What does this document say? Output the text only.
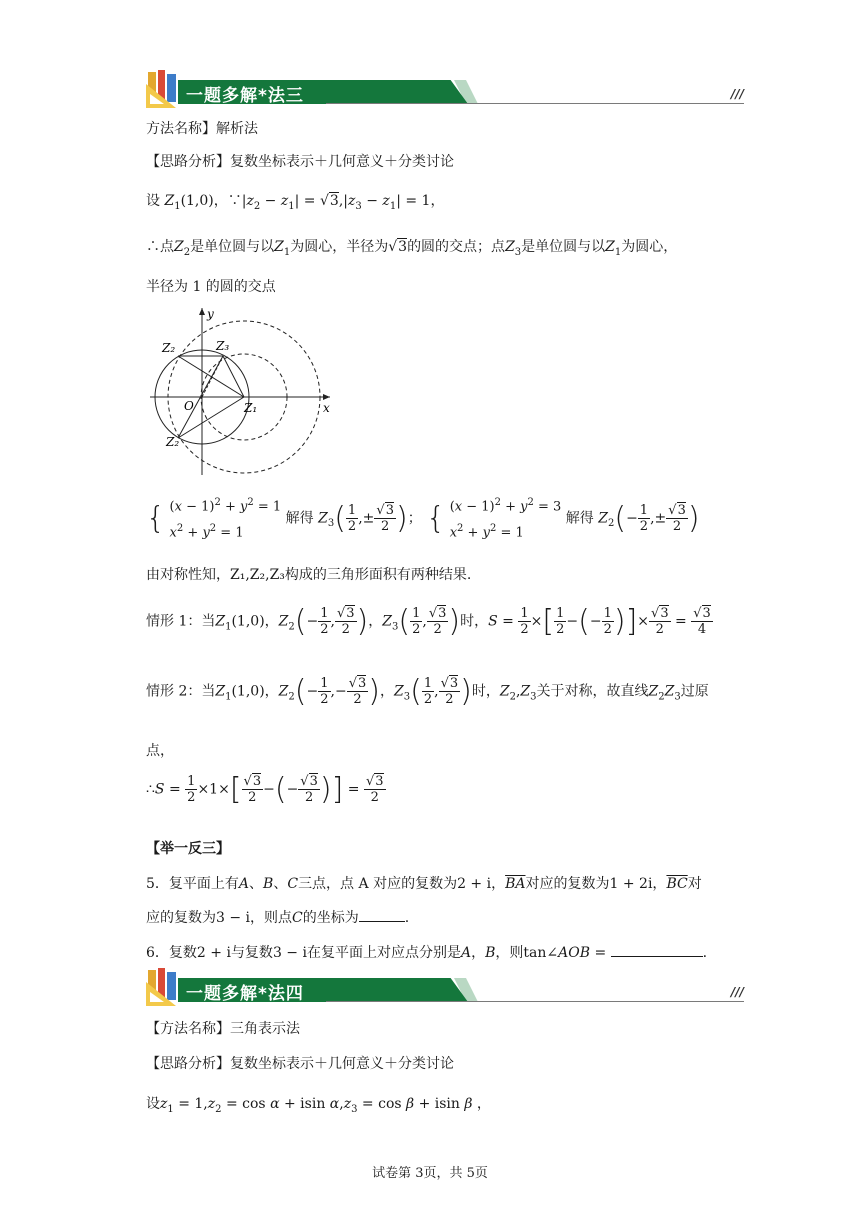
一题多解*法三	///
方法名称】解析法
【思路分析】复数坐标表示＋几何意义＋分类讨论
设 $Z_1(1,0)$，$\because|z_2 - z_1| = √3,|z_3 - z_1| = 1$，
∴点$Z_2$是单位圆与以$Z_1$为圆心，半径为√3的圆的交点；点$Z_3$是单位圆与以$Z_1$为圆心，
半径为 1 的圆的交点
Z₂	Z₃
Z₁
Z₂
O	x
y
{ $(x - 1)^2 + y^2 = 1$
$x^2 + y^2 = 1$ 解得 $Z_3( \frac{1}{2}$ ,± $\frac{√3}{2}$ )； { $(x - 1)^2 + y^2 = 3$
$x^2 + y^2 = 1$ 解得 $Z_2(- \frac{1}{2}$ ,± $\frac{√3}{2}$ )
由对称性知，Z₁,Z₂,Z₃构成的三角形面积有两种结果.
情形 1：当$Z_1(1,0)$，$Z_2(- \frac{1}{2}$ , $\frac{√3}{2}$ )，$Z_3( \frac{1}{2}$ , $\frac{√3}{2}$ )时，$S = \frac{1}{2}$ ×[ $\frac{1}{2}$ −(− $\frac{1}{2}$ )]× $\frac{√3}{2} = \frac{√3}{4}$
情形 2：当$Z_1(1,0)$，$Z_2(- \frac{1}{2}$ ,− $\frac{√3}{2}$ )，$Z_3( \frac{1}{2}$ , $\frac{√3}{2}$ )时，$Z_2,Z_3$关于对称，故直线$Z_2Z_3$过原
点，
∴S = $\frac{1}{2} \times 1\times[ \frac{√3}{2}$ −(− $\frac{√3}{2}$ )] = $\frac{√3}{2}$
【举一反三】
5．复平面上有A、B、C三点，点 A 对应的复数为2 + i，$\overline{BA}$对应的复数为1 + 2i，$\overline{BC}$对
应的复数为3 − i，则点C的坐标为	.
6．复数2 + i与复数3 − i在复平面上对应点分别是A，B，则tan∠AOB =	.
一题多解*法四	///
【方法名称】三角表示法
【思路分析】复数坐标表示＋几何意义＋分类讨论
设$z_1 = 1,z_2 = \cos \alpha + isin$ $\alpha,z_3 = \cos \beta + isin$ β ，
试卷第 3页，共 5页
